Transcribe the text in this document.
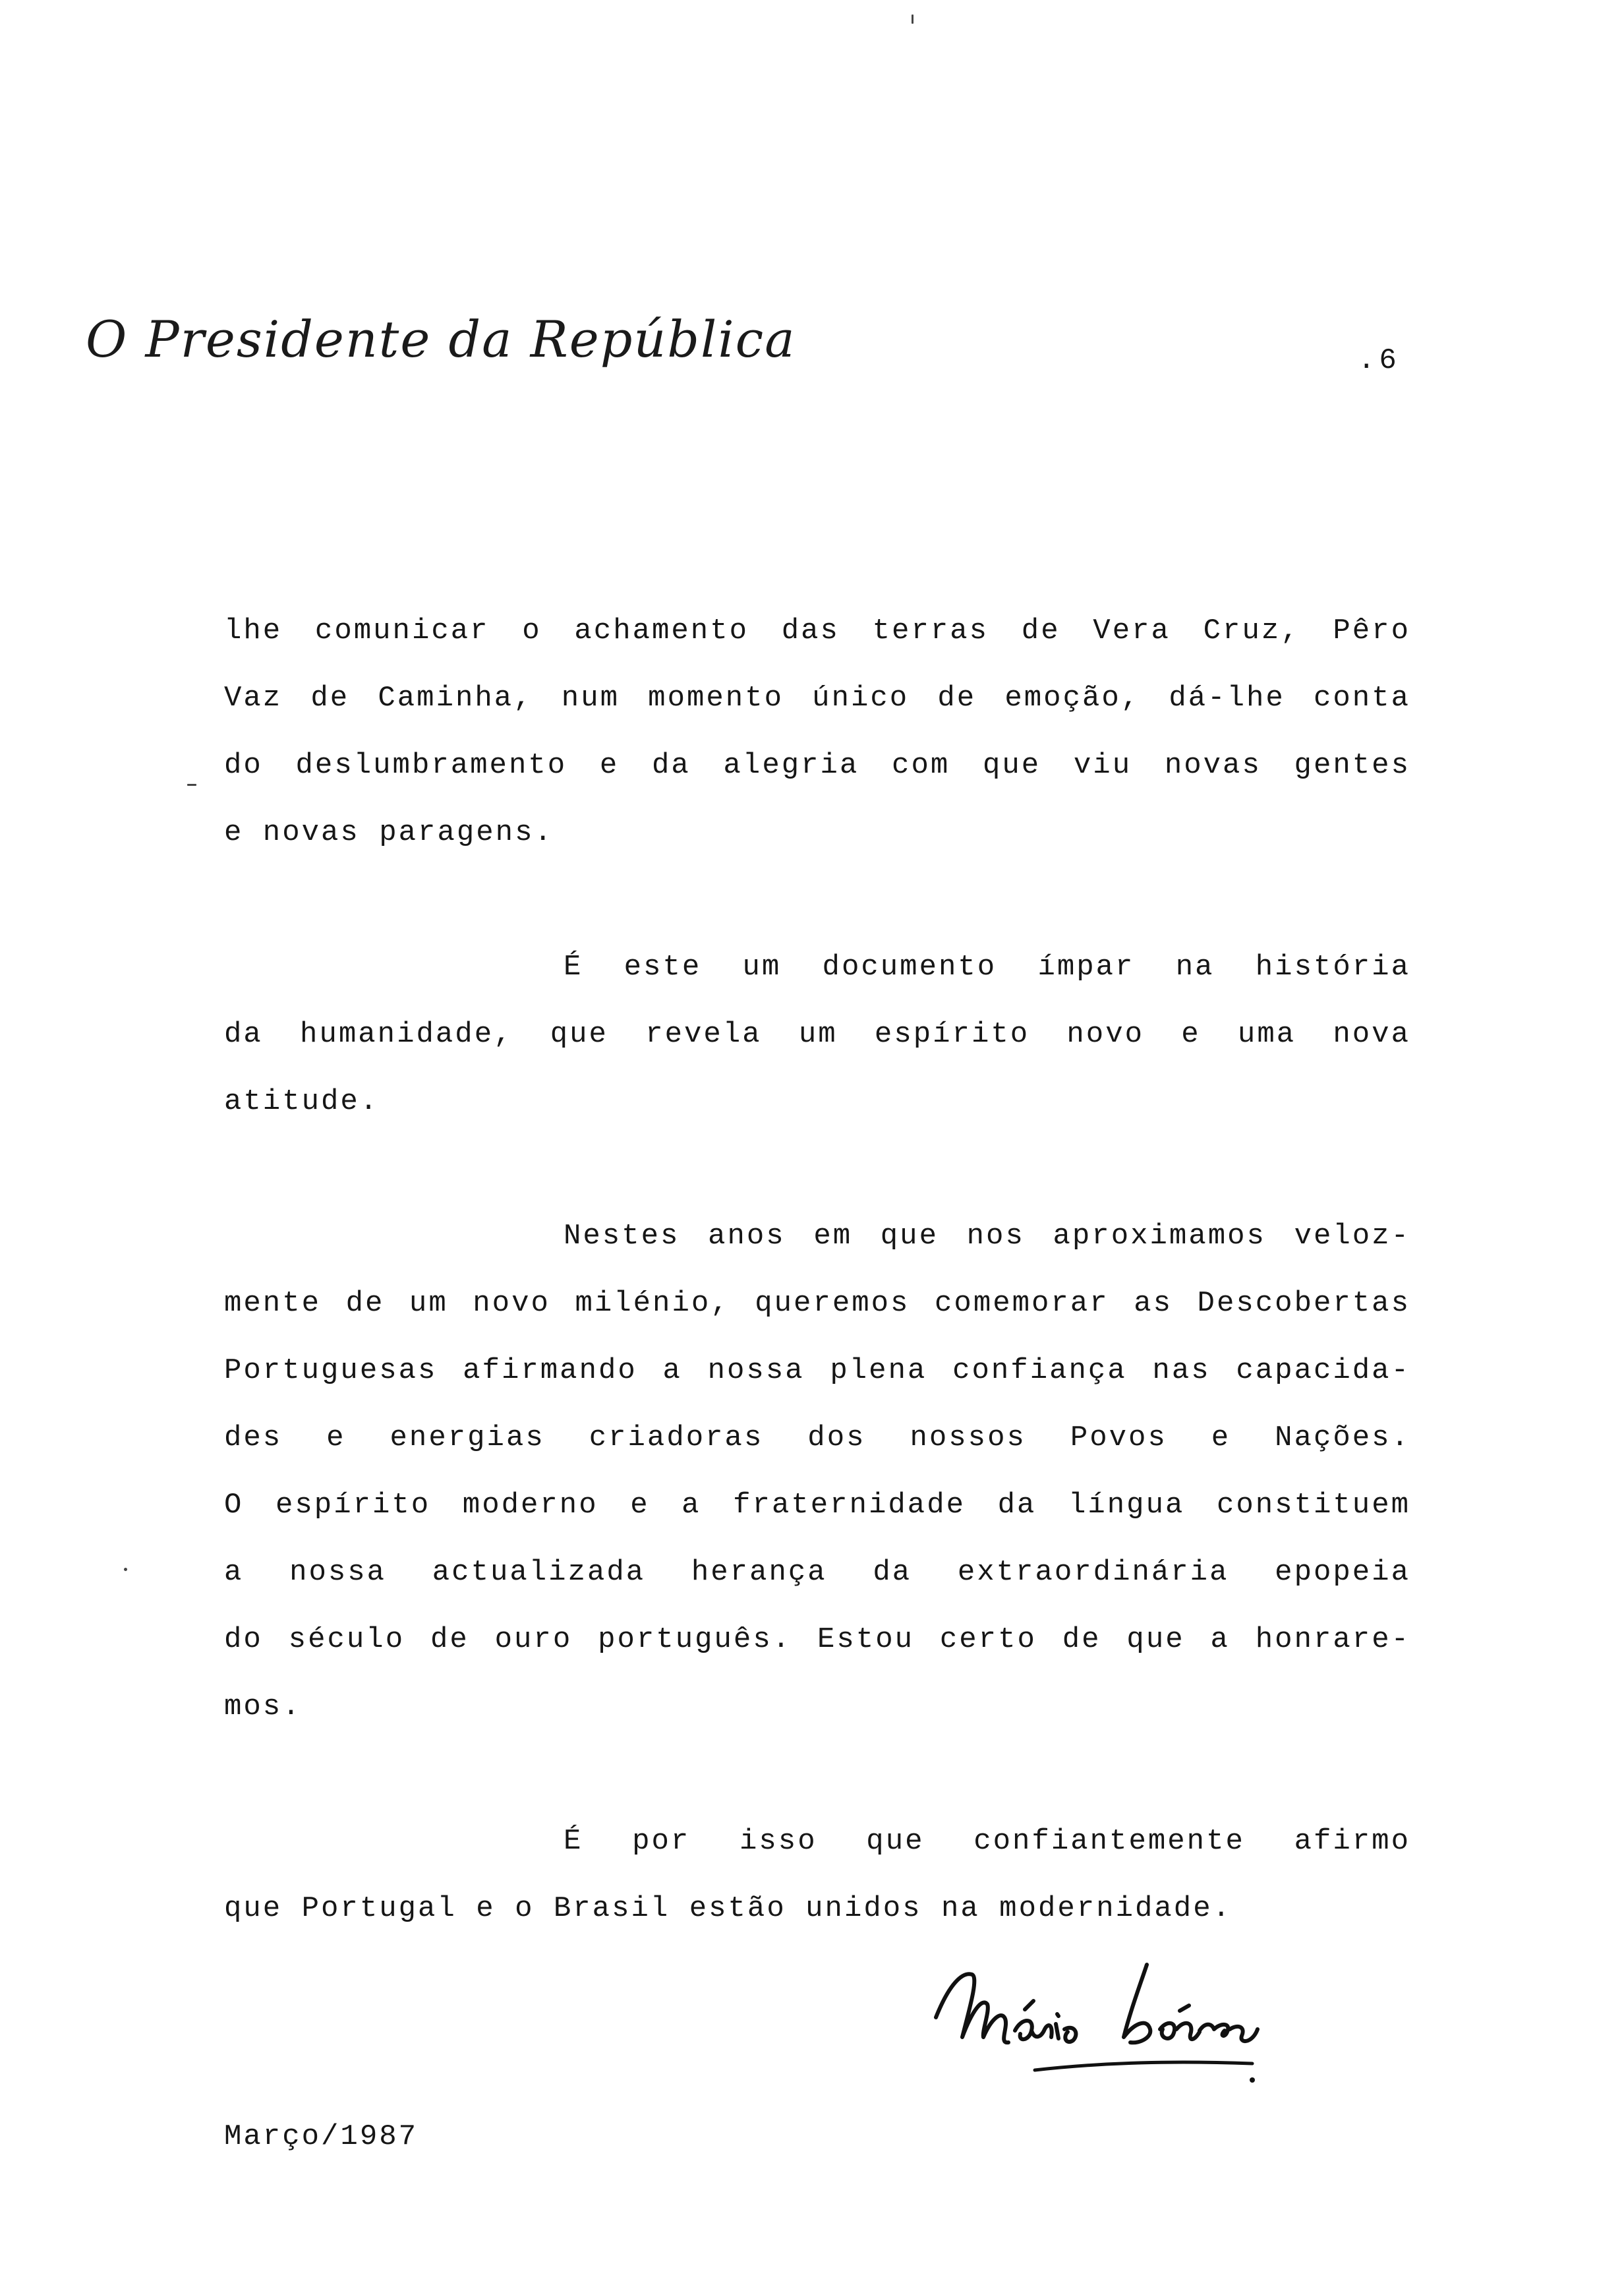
O Presidente da República	.6
lhe comunicar o achamento das terras de Vera Cruz, Pêro
Vaz de Caminha, num momento único de emoção, dá-lhe conta
do deslumbramento e da alegria com que viu novas gentes
e novas paragens.
É este um documento ímpar na história
da humanidade, que revela um espírito novo e uma nova
atitude.
Nestes anos em que nos aproximamos veloz-
mente de um novo milénio, queremos comemorar as Descobertas
Portuguesas afirmando a nossa plena confiança nas capacida-
des e energias criadoras dos nossos Povos e Nações.
O espírito moderno e a fraternidade da língua constituem
a nossa actualizada herança da extraordinária epopeia
do século de ouro português. Estou certo de que a honrare-
mos.
É por isso que confiantemente afirmo
que Portugal e o Brasil estão unidos na modernidade.
Março/1987
